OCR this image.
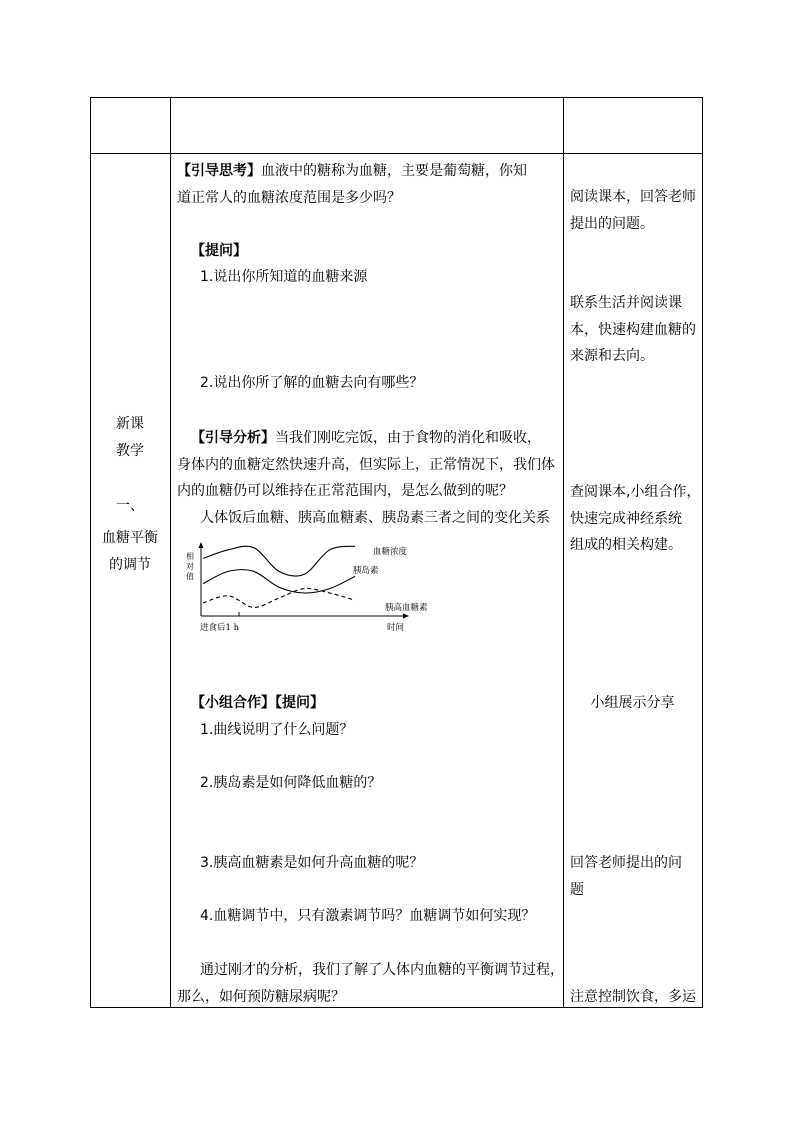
新课
教学
一、
血糖平衡
的调节
【引导思考】血液中的糖称为血糖，主要是葡萄糖，你知
道正常人的血糖浓度范围是多少吗？
【提问】
1.说出你所知道的血糖来源
2.说出你所了解的血糖去向有哪些？
【引导分析】当我们刚吃完饭，由于食物的消化和吸收，
身体内的血糖定然快速升高，但实际上，正常情况下，我们体
内的血糖仍可以维持在正常范围内，是怎么做到的呢？
人体饭后血糖、胰高血糖素、胰岛素三者之间的变化关系
相
对
值
血糖浓度
胰岛素
胰高血糖素
进食后1 h	时间
【小组合作】【提问】
1.曲线说明了什么问题？
2.胰岛素是如何降低血糖的？
3.胰高血糖素是如何升高血糖的呢？
4.血糖调节中，只有激素调节吗？血糖调节如何实现？
通过刚才的分析，我们了解了人体内血糖的平衡调节过程，
那么，如何预防糖尿病呢？
阅读课本，回答老师
提出的问题。
联系生活并阅读课
本，快速构建血糖的
来源和去向。
查阅课本,小组合作，
快速完成神经系统
组成的相关构建。
小组展示分享
回答老师提出的问
题
注意控制饮食，多运
